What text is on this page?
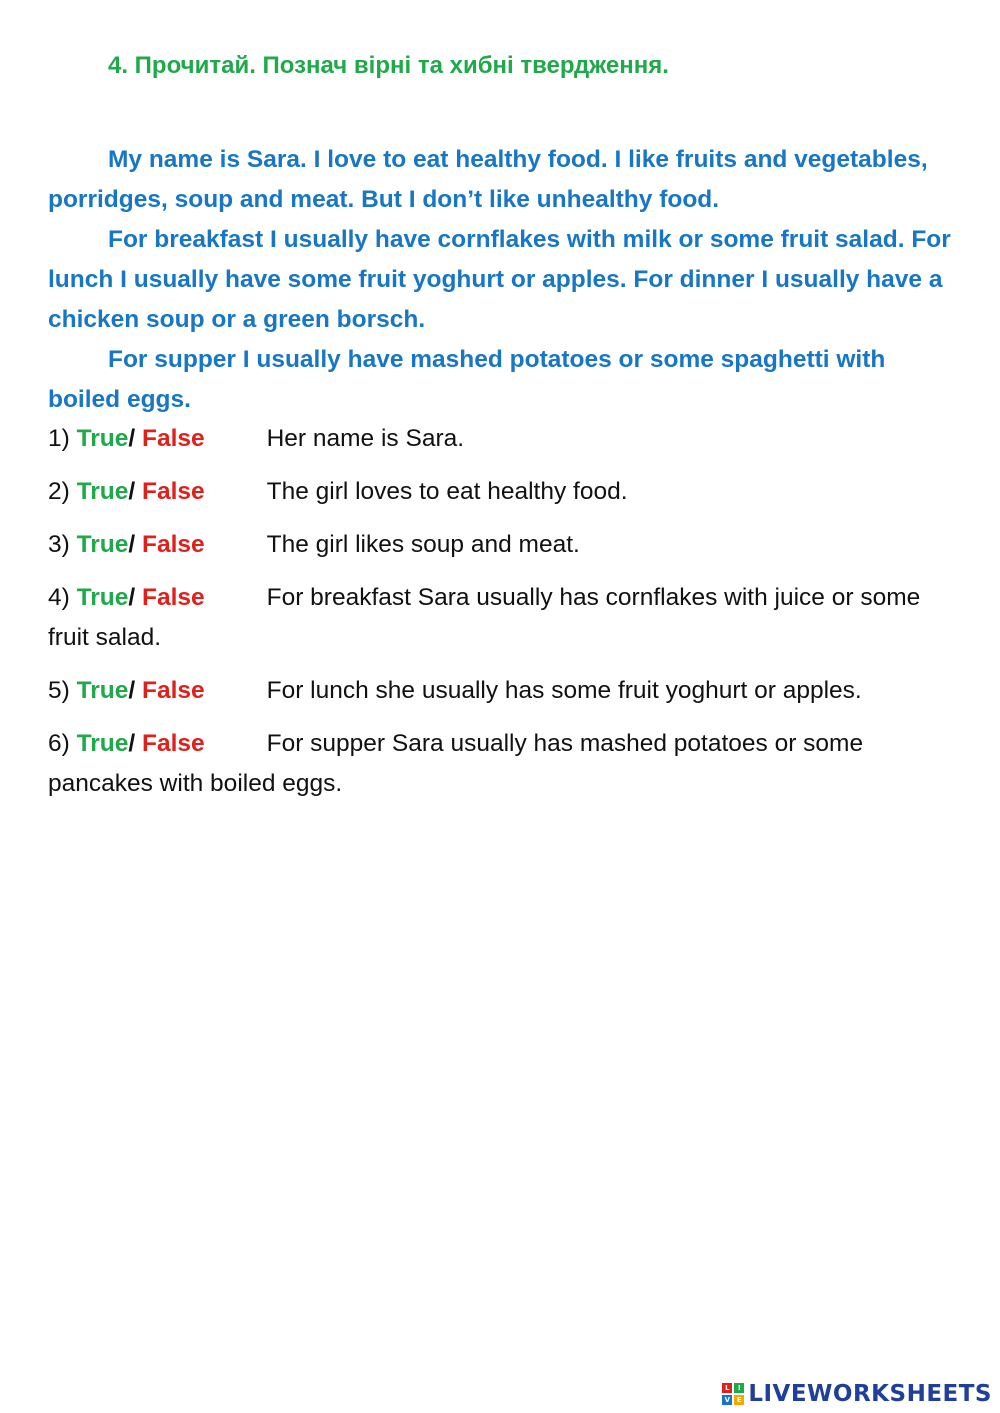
4. Прочитай. Познач вірні та хибні твердження.

My name is Sara. I love to eat healthy food. I like fruits and vegetables, porridges, soup and meat. But I don’t like unhealthy food.

For breakfast I usually have cornflakes with milk or some fruit salad. For lunch I usually have some fruit yoghurt or apples. For dinner I usually have a chicken soup or a green borsch.

For supper I usually have mashed potatoes or some spaghetti with boiled eggs.

1) True/ False	Her name is Sara.
2) True/ False	The girl loves to eat healthy food.
3) True/ False	The girl likes soup and meat.
4) True/ False	For breakfast Sara usually has cornflakes with juice or some fruit salad.
5) True/ False	For lunch she usually has some fruit yoghurt or apples.
6) True/ False	For supper Sara usually has mashed potatoes or some pancakes with boiled eggs.
L	I
V E LIVEWORKSHEETS
